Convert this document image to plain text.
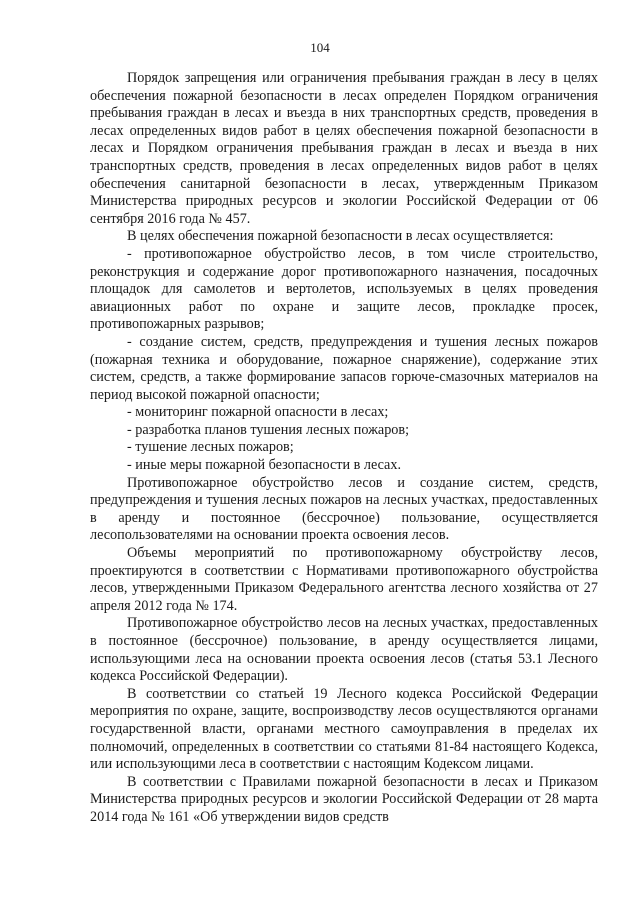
104

Порядок запрещения или ограничения пребывания граждан в лесу в целях обеспечения пожарной безопасности в лесах определен Порядком ограничения пребывания граждан в лесах и въезда в них транспортных средств, проведения в лесах определенных видов работ в целях обеспечения пожарной безопасности в лесах и Порядком ограничения пребывания граждан в лесах и въезда в них транспортных средств, проведения в лесах определенных видов работ в целях обеспечения санитарной безопасности в лесах, утвержденным Приказом Министерства природных ресурсов и экологии Российской Федерации от 06 сентября 2016 года № 457.

В целях обеспечения пожарной безопасности в лесах осуществляется:

- противопожарное обустройство лесов, в том числе строительство, реконструкция и содержание дорог противопожарного назначения, посадочных площадок для самолетов и вертолетов, используемых в целях проведения авиационных работ по охране и защите лесов, прокладке просек, противопожарных разрывов;

- создание систем, средств, предупреждения и тушения лесных пожаров (пожарная техника и оборудование, пожарное снаряжение), содержание этих систем, средств, а также формирование запасов горюче-смазочных материалов на период высокой пожарной опасности;

- мониторинг пожарной опасности в лесах;

- разработка планов тушения лесных пожаров;

- тушение лесных пожаров;

- иные меры пожарной безопасности в лесах.

Противопожарное обустройство лесов и создание систем, средств, предупреждения и тушения лесных пожаров на лесных участках, предоставленных в аренду и постоянное (бессрочное) пользование, осуществляется лесопользователями на основании проекта освоения лесов.

Объемы мероприятий по противопожарному обустройству лесов, проектируются в соответствии с Нормативами противопожарного обустройства лесов, утвержденными Приказом Федерального агентства лесного хозяйства от 27 апреля 2012 года № 174.

Противопожарное обустройство лесов на лесных участках, предоставленных в постоянное (бессрочное) пользование, в аренду осуществляется лицами, использующими леса на основании проекта освоения лесов (статья 53.1 Лесного кодекса Российской Федерации).

В соответствии со статьей 19 Лесного кодекса Российской Федерации мероприятия по охране, защите, воспроизводству лесов осуществляются органами государственной власти, органами местного самоуправления в пределах их полномочий, определенных в соответствии со статьями 81-84 настоящего Кодекса, или использующими леса в соответствии с настоящим Кодексом лицами.

В соответствии с Правилами пожарной безопасности в лесах и Приказом Министерства природных ресурсов и экологии Российской Федерации от 28 марта 2014 года № 161 «Об утверждении видов средств
